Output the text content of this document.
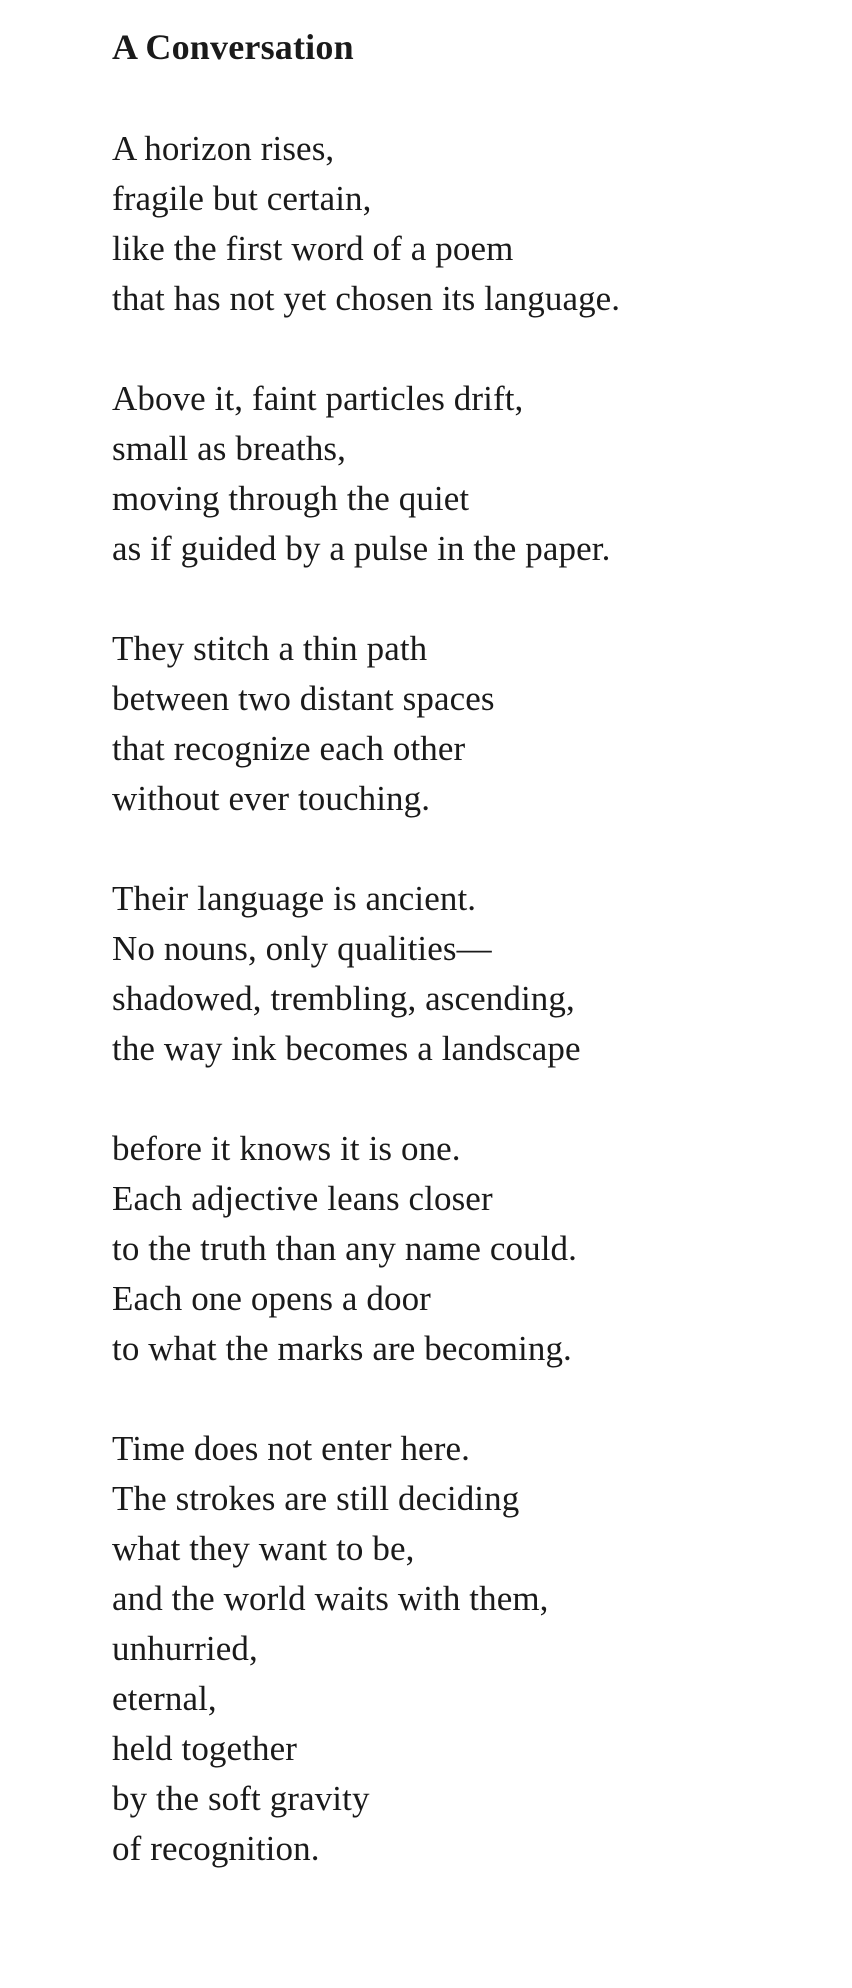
A Conversation
A horizon rises,
fragile but certain,
like the first word of a poem
that has not yet chosen its language.
Above it, faint particles drift,
small as breaths,
moving through the quiet
as if guided by a pulse in the paper.
They stitch a thin path
between two distant spaces
that recognize each other
without ever touching.
Their language is ancient.
No nouns, only qualities—
shadowed, trembling, ascending,
the way ink becomes a landscape
before it knows it is one.
Each adjective leans closer
to the truth than any name could.
Each one opens a door
to what the marks are becoming.
Time does not enter here.
The strokes are still deciding
what they want to be,
and the world waits with them,
unhurried,
eternal,
held together
by the soft gravity
of recognition.
